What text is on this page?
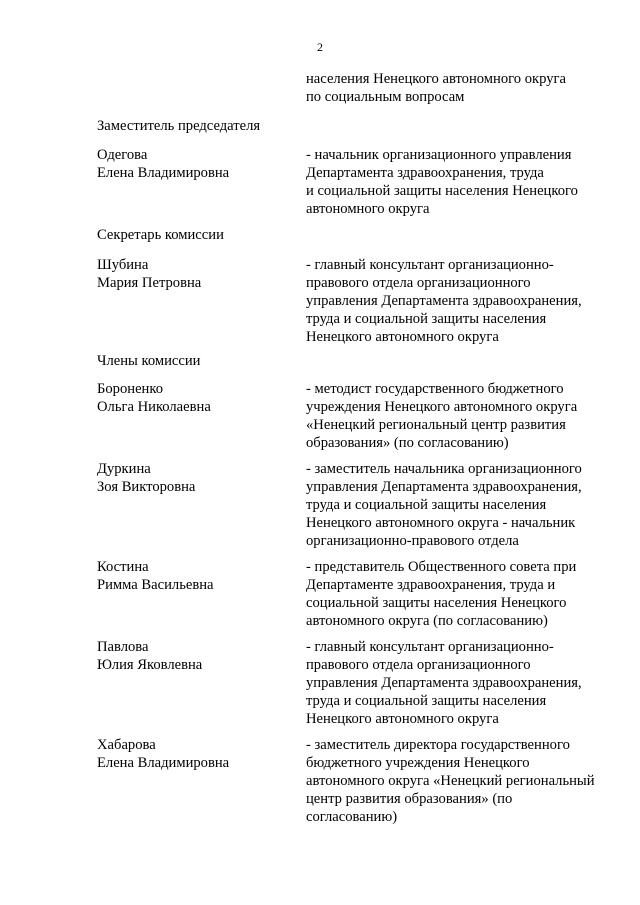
2
населения Ненецкого автономного округа
по социальным вопросам
Заместитель председателя
Одегова
Елена Владимировна
- начальник организационного управления
Департамента здравоохранения, труда
и социальной защиты населения Ненецкого
автономного округа
Секретарь комиссии
Шубина
Мария Петровна
- главный консультант организационно-
правового отдела организационного
управления Департамента здравоохранения,
труда и социальной защиты населения
Ненецкого автономного округа
Члены комиссии
Бороненко
Ольга Николаевна
- методист государственного бюджетного
учреждения Ненецкого автономного округа
«Ненецкий региональный центр развития
образования» (по согласованию)
Дуркина
Зоя Викторовна
- заместитель начальника организационного
управления Департамента здравоохранения,
труда и социальной защиты населения
Ненецкого автономного округа - начальник
организационно-правового отдела
Костина
Римма Васильевна
- представитель Общественного совета при
Департаменте здравоохранения, труда и
социальной защиты населения Ненецкого
автономного округа (по согласованию)
Павлова
Юлия Яковлевна
- главный консультант организационно-
правового отдела организационного
управления Департамента здравоохранения,
труда и социальной защиты населения
Ненецкого автономного округа
Хабарова
Елена Владимировна
- заместитель директора государственного
бюджетного учреждения Ненецкого
автономного округа «Ненецкий региональный
центр развития образования» (по
согласованию)
